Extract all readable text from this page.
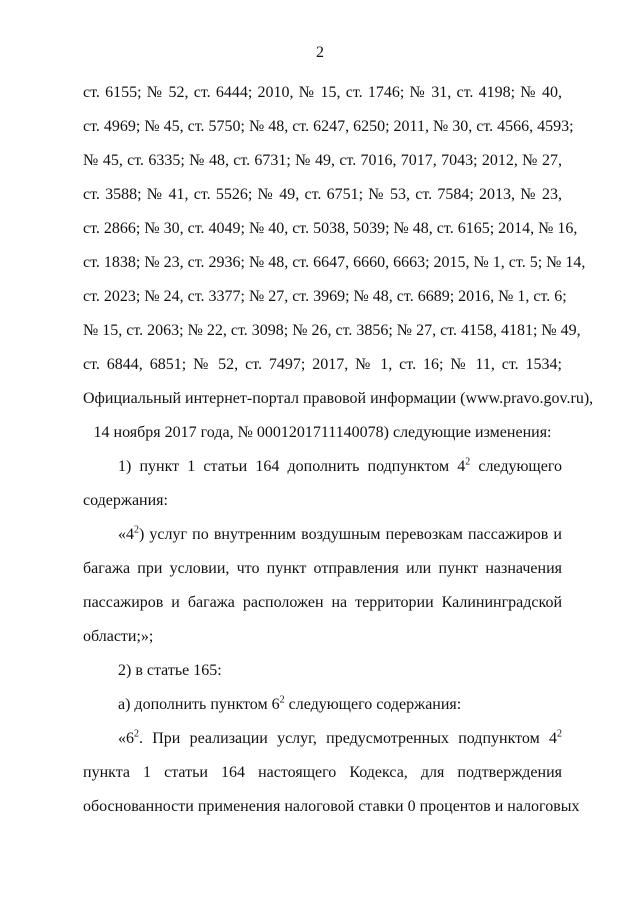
2
ст. 6155; № 52, ст. 6444; 2010, № 15, ст. 1746; № 31, ст. 4198; № 40,
ст. 4969; № 45, ст. 5750; № 48, ст. 6247, 6250; 2011, № 30, ст. 4566, 4593;
№ 45, ст. 6335; № 48, ст. 6731; № 49, ст. 7016, 7017, 7043; 2012, № 27,
ст. 3588; № 41, ст. 5526; № 49, ст. 6751; № 53, ст. 7584; 2013, № 23,
ст. 2866; № 30, ст. 4049; № 40, ст. 5038, 5039; № 48, ст. 6165; 2014, № 16,
ст. 1838; № 23, ст. 2936; № 48, ст. 6647, 6660, 6663; 2015, № 1, ст. 5; № 14,
ст. 2023; № 24, ст. 3377; № 27, ст. 3969; № 48, ст. 6689; 2016, № 1, ст. 6;
№ 15, ст. 2063; № 22, ст. 3098; № 26, ст. 3856; № 27, ст. 4158, 4181; № 49,
ст. 6844, 6851; № 52, ст. 7497; 2017, № 1, ст. 16; № 11, ст. 1534;
Официальный интернет-портал правовой информации (www.pravo.gov.ru),
14 ноября 2017 года, № 0001201711140078) следующие изменения:
1) пункт 1 статьи 164 дополнить подпунктом $4^2$ следующего
содержания:
«$4^2$) услуг по внутренним воздушным перевозкам пассажиров и
багажа при условии, что пункт отправления или пункт назначения
пассажиров и багажа расположен на территории Калининградской
области;»;
2) в статье 165:
а) дополнить пунктом $6^2$ следующего содержания:
«$6^2$. При реализации услуг, предусмотренных подпунктом $4^2$
пункта 1 статьи 164 настоящего Кодекса, для подтверждения
обоснованности применения налоговой ставки 0 процентов и налоговых
